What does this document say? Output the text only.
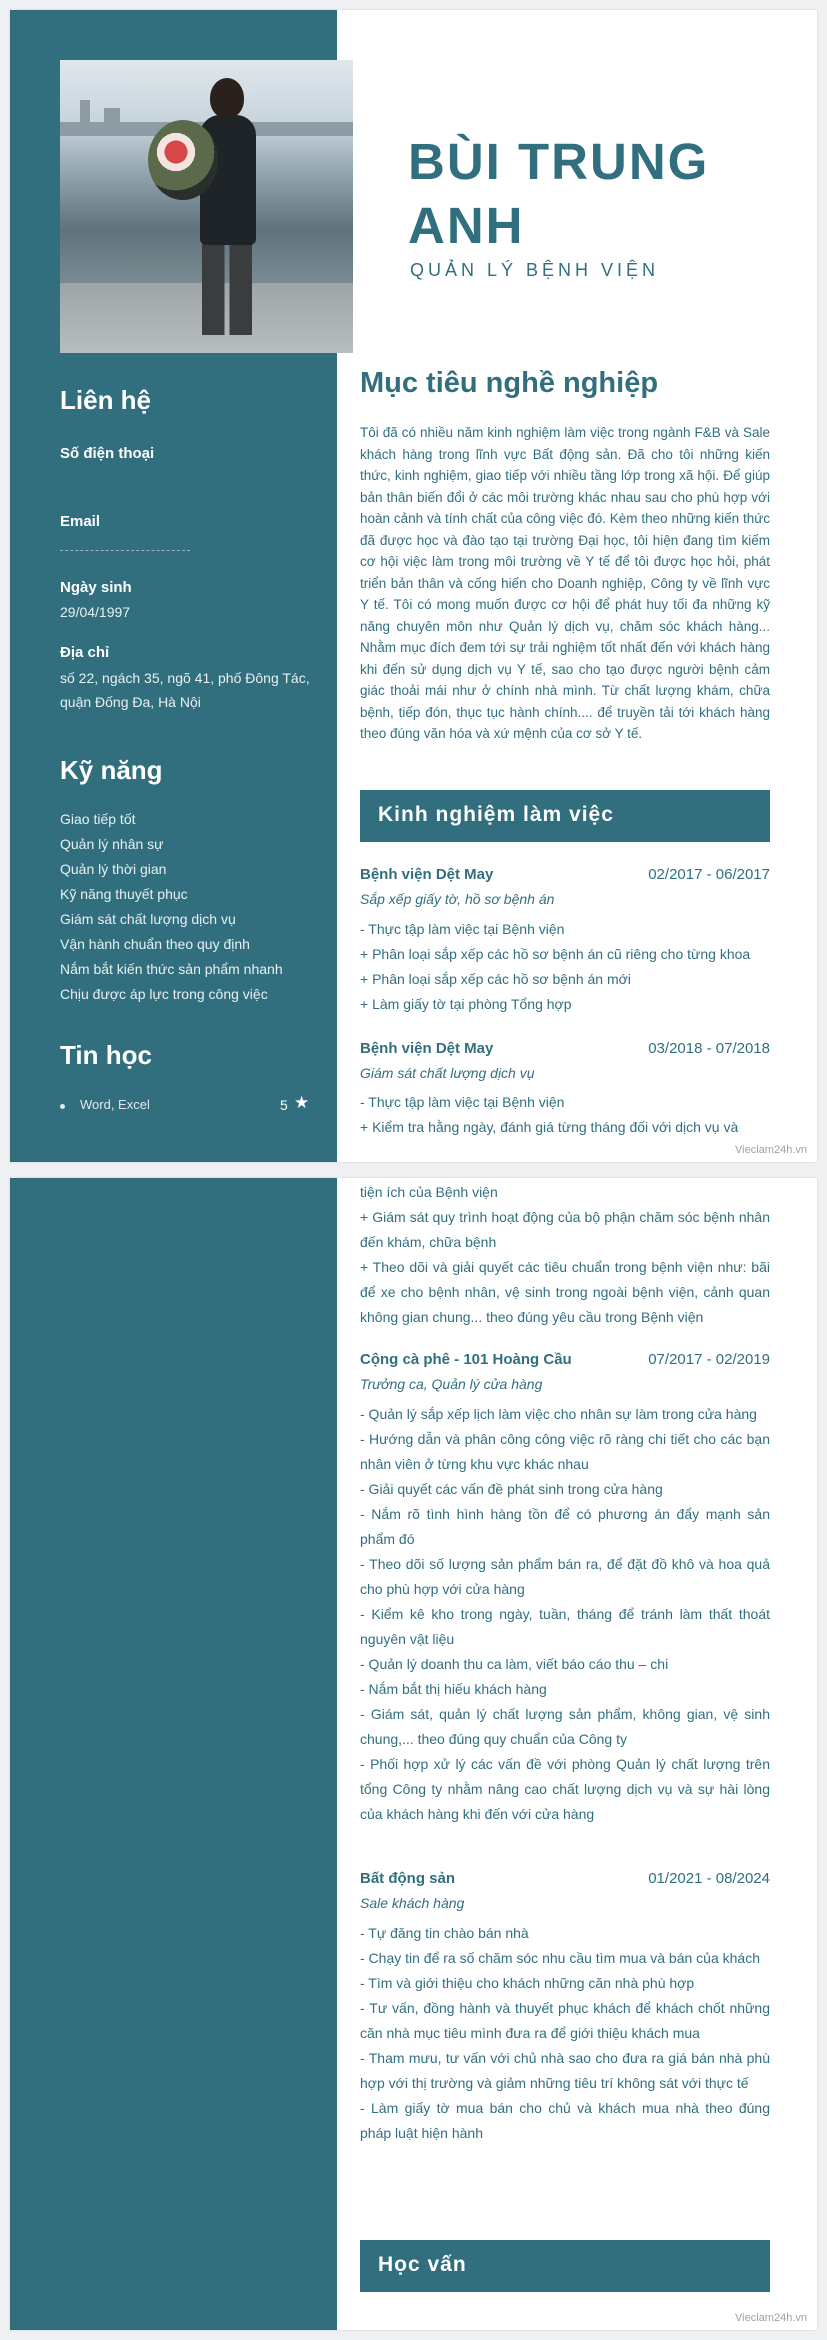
BÙI TRUNG
ANH
QUẢN LÝ BỆNH VIỆN
Liên hệ
Số điện thoại
Email
Ngày sinh
29/04/1997
Địa chỉ
số 22, ngách 35, ngõ 41, phố Đông Tác, quận Đống Đa, Hà Nội
Kỹ năng
Giao tiếp tốt
Quản lý nhân sự
Quản lý thời gian
Kỹ năng thuyết phục
Giám sát chất lượng dịch vụ
Vận hành chuẩn theo quy định
Nắm bắt kiến thức sản phẩm nhanh
Chịu được áp lực trong công việc
Tin học
Word, Excel	5 ★
Mục tiêu nghề nghiệp

Tôi đã có nhiều năm kinh nghiệm làm việc trong ngành F&B và Sale khách hàng trong lĩnh vực Bất động sản. Đã cho tôi những kiến thức, kinh nghiệm, giao tiếp với nhiều tầng lớp trong xã hội. Để giúp bản thân biến đổi ở các môi trường khác nhau sau cho phù hợp với hoàn cảnh và tính chất của công việc đó. Kèm theo những kiến thức đã được học và đào tạo tại trường Đại học, tôi hiện đang tìm kiếm cơ hội việc làm trong môi trường về Y tế để tôi được học hỏi, phát triển bản thân và cống hiến cho Doanh nghiệp, Công ty về lĩnh vực Y tế. Tôi có mong muốn được cơ hội để phát huy tối đa những kỹ năng chuyên môn như Quản lý dịch vụ, chăm sóc khách hàng... Nhằm mục đích đem tới sự trải nghiệm tốt nhất đến với khách hàng khi đến sử dụng dịch vụ Y tế, sao cho tạo được người bệnh cảm giác thoải mái như ở chính nhà mình. Từ chất lượng khám, chữa bệnh, tiếp đón, thục tục hành chính.... để truyền tải tới khách hàng theo đúng văn hóa và xứ mệnh của cơ sở Y tế.

Kinh nghiệm làm việc
Bệnh viện Dệt May	02/2017 - 06/2017
Sắp xếp giấy tờ, hồ sơ bệnh án
- Thực tập làm việc tại Bệnh viện
+ Phân loại sắp xếp các hồ sơ bệnh án cũ riêng cho từng khoa
+ Phân loại sắp xếp các hồ sơ bệnh án mới
+ Làm giấy tờ tại phòng Tổng hợp
Bệnh viện Dệt May	03/2018 - 07/2018
Giám sát chất lượng dịch vụ
- Thực tập làm việc tại Bệnh viện
+ Kiểm tra hằng ngày, đánh giá từng tháng đối với dịch vụ và
Vieclam24h.vn
tiện ích của Bệnh viện
+ Giám sát quy trình hoạt động của bộ phận chăm sóc bệnh nhân đến khám, chữa bệnh
+ Theo dõi và giải quyết các tiêu chuẩn trong bệnh viện như: bãi để xe cho bệnh nhân, vệ sinh trong ngoài bệnh viện, cảnh quan không gian chung... theo đúng yêu cầu trong Bệnh viện
Cộng cà phê - 101 Hoàng Cầu	07/2017 - 02/2019
Trưởng ca, Quản lý cửa hàng
- Quản lý sắp xếp lịch làm việc cho nhân sự làm trong cửa hàng
- Hướng dẫn và phân công công việc rõ ràng chi tiết cho các bạn nhân viên ở từng khu vực khác nhau
- Giải quyết các vấn đề phát sinh trong cửa hàng
- Nắm rõ tình hình hàng tồn để có phương án đẩy mạnh sản phẩm đó
- Theo dõi số lượng sản phẩm bán ra, để đặt đồ khô và hoa quả cho phù hợp với cửa hàng
- Kiểm kê kho trong ngày, tuần, tháng để tránh làm thất thoát nguyên vật liệu
- Quản lý doanh thu ca làm, viết báo cáo thu – chi
- Nắm bắt thị hiếu khách hàng
- Giám sát, quản lý chất lượng sản phẩm, không gian, vệ sinh chung,... theo đúng quy chuẩn của Công ty
- Phối hợp xử lý các vấn đề với phòng Quản lý chất lượng trên tổng Công ty nhằm nâng cao chất lượng dịch vụ và sự hài lòng của khách hàng khi đến với cửa hàng
Bất động sản	01/2021 - 08/2024
Sale khách hàng
- Tự đăng tin chào bán nhà
- Chạy tin để ra số chăm sóc nhu cầu tìm mua và bán của khách
- Tìm và giới thiệu cho khách những căn nhà phù hợp
- Tư vấn, đồng hành và thuyết phục khách để khách chốt những căn nhà mục tiêu mình đưa ra để giới thiệu khách mua
- Tham mưu, tư vấn với chủ nhà sao cho đưa ra giá bán nhà phù hợp với thị trường và giảm những tiêu trí không sát với thực tế
- Làm giấy tờ mua bán cho chủ và khách mua nhà theo đúng pháp luật hiện hành
Học vấn
Vieclam24h.vn
